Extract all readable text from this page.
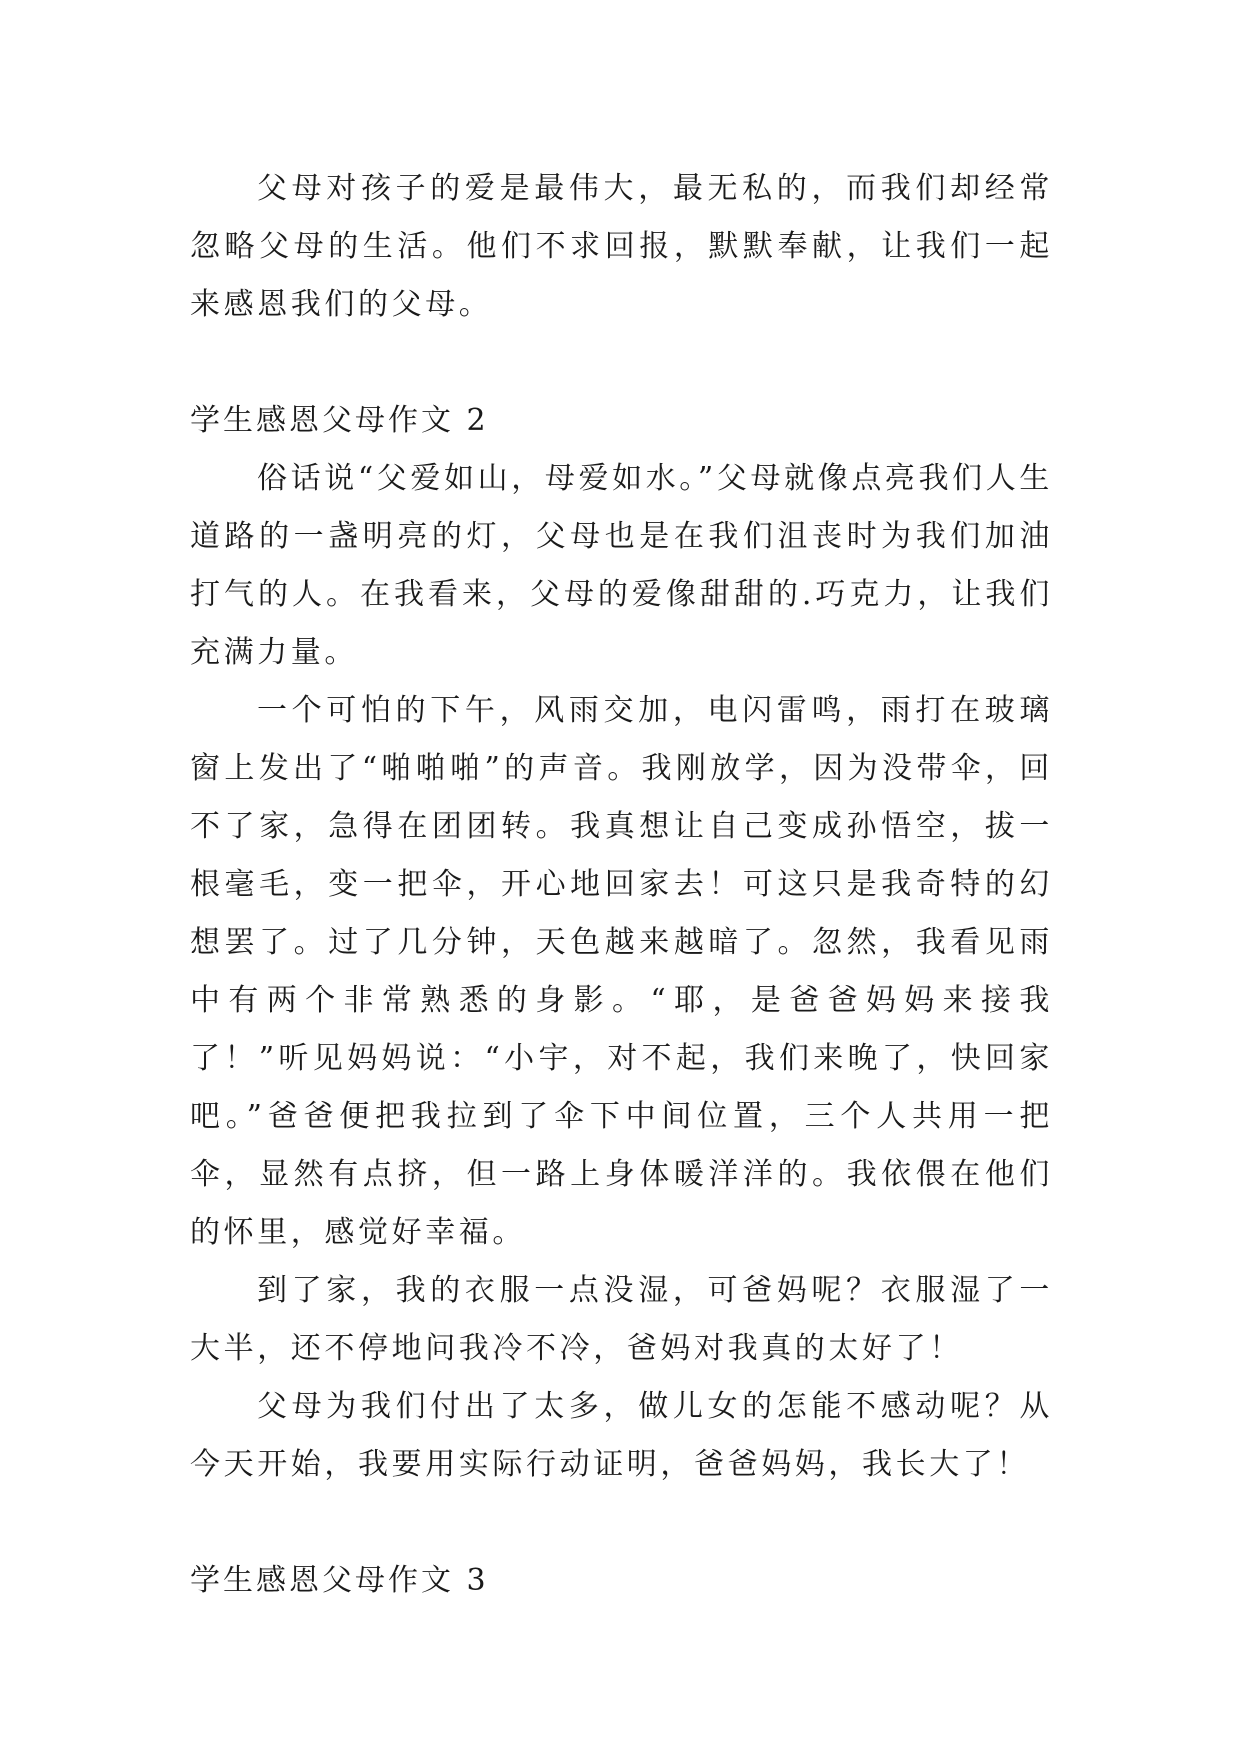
父母对孩子的爱是最伟大，最无私的，而我们却经常忽略父母的生活。他们不求回报，默默奉献，让我们一起来感恩我们的父母。

学生感恩父母作文 2

俗话说“父爱如山，母爱如水。”父母就像点亮我们人生道路的一盏明亮的灯，父母也是在我们沮丧时为我们加油打气的人。在我看来，父母的爱像甜甜的.巧克力，让我们充满力量。

一个可怕的下午，风雨交加，电闪雷鸣，雨打在玻璃窗上发出了“啪啪啪”的声音。我刚放学，因为没带伞，回不了家，急得在团团转。我真想让自己变成孙悟空，拔一根毫毛，变一把伞，开心地回家去！可这只是我奇特的幻想罢了。过了几分钟，天色越来越暗了。忽然，我看见雨中有两个非常熟悉的身影。“耶，是爸爸妈妈来接我了！”听见妈妈说：“小宇，对不起，我们来晚了，快回家吧。”爸爸便把我拉到了伞下中间位置，三个人共用一把伞，显然有点挤，但一路上身体暖洋洋的。我依偎在他们的怀里，感觉好幸福。

到了家，我的衣服一点没湿，可爸妈呢？衣服湿了一大半，还不停地问我冷不冷，爸妈对我真的太好了！

父母为我们付出了太多，做儿女的怎能不感动呢？从今天开始，我要用实际行动证明，爸爸妈妈，我长大了！

学生感恩父母作文 3
